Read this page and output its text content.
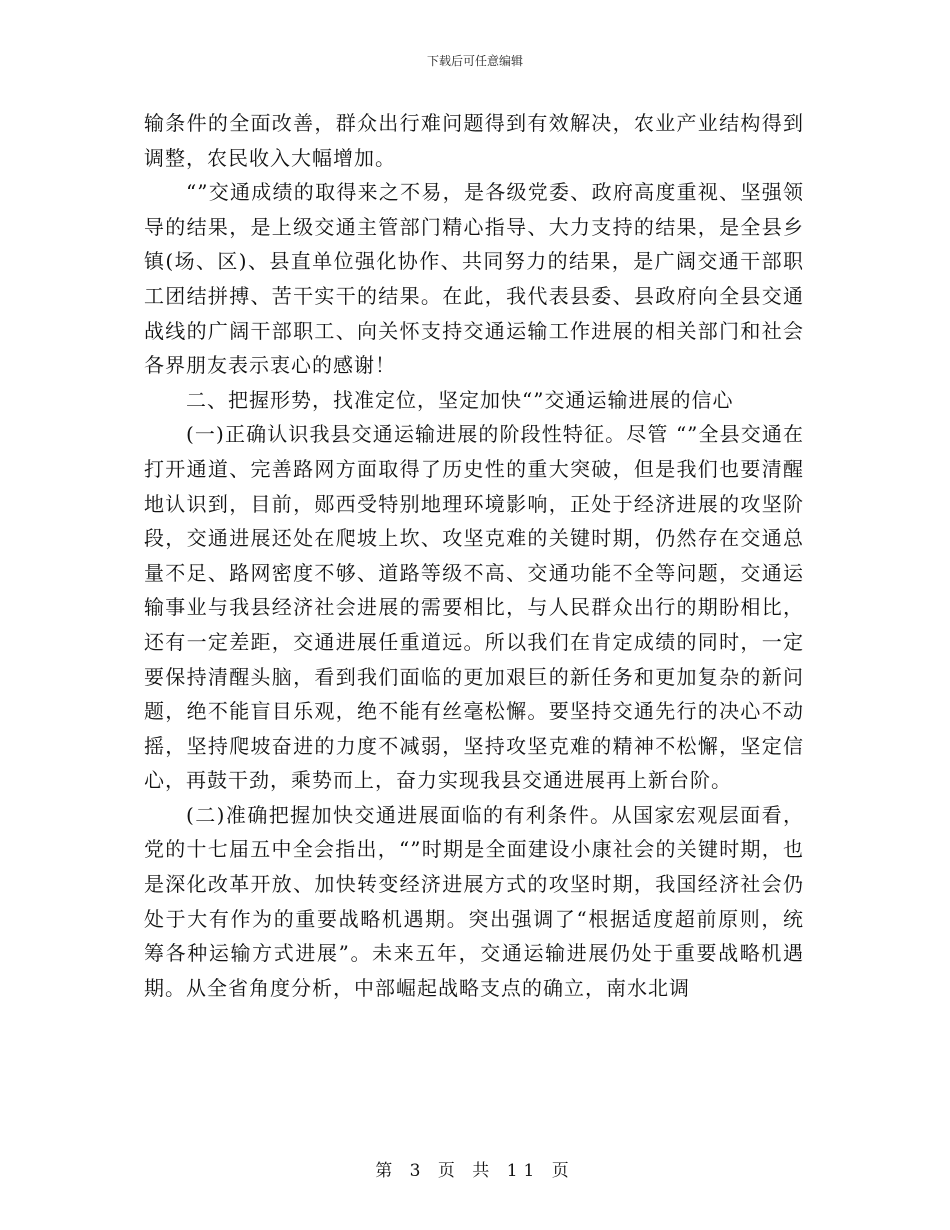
下载后可任意编辑

输条件的全面改善，群众出行难问题得到有效解决，农业产业结构得到调整，农民收入大幅增加。

“”交通成绩的取得来之不易，是各级党委、政府高度重视、坚强领导的结果，是上级交通主管部门精心指导、大力支持的结果，是全县乡镇(场、区)、县直单位强化协作、共同努力的结果，是广阔交通干部职工团结拼搏、苦干实干的结果。在此，我代表县委、县政府向全县交通战线的广阔干部职工、向关怀支持交通运输工作进展的相关部门和社会各界朋友表示衷心的感谢！

二、把握形势，找准定位，坚定加快“”交通运输进展的信心

(一)正确认识我县交通运输进展的阶段性特征。尽管 “”全县交通在打开通道、完善路网方面取得了历史性的重大突破，但是我们也要清醒地认识到，目前，郧西受特别地理环境影响，正处于经济进展的攻坚阶段，交通进展还处在爬坡上坎、攻坚克难的关键时期，仍然存在交通总量不足、路网密度不够、道路等级不高、交通功能不全等问题，交通运输事业与我县经济社会进展的需要相比，与人民群众出行的期盼相比，还有一定差距，交通进展任重道远。所以我们在肯定成绩的同时，一定要保持清醒头脑，看到我们面临的更加艰巨的新任务和更加复杂的新问题，绝不能盲目乐观，绝不能有丝毫松懈。要坚持交通先行的决心不动摇，坚持爬坡奋进的力度不减弱，坚持攻坚克难的精神不松懈，坚定信心，再鼓干劲，乘势而上，奋力实现我县交通进展再上新台阶。

(二)准确把握加快交通进展面临的有利条件。从国家宏观层面看，党的十七届五中全会指出，“”时期是全面建设小康社会的关键时期，也是深化改革开放、加快转变经济进展方式的攻坚时期，我国经济社会仍处于大有作为的重要战略机遇期。突出强调了“根据适度超前原则，统筹各种运输方式进展”。未来五年，交通运输进展仍处于重要战略机遇期。从全省角度分析，中部崛起战略支点的确立，南水北调

第 3 页 共 11 页
